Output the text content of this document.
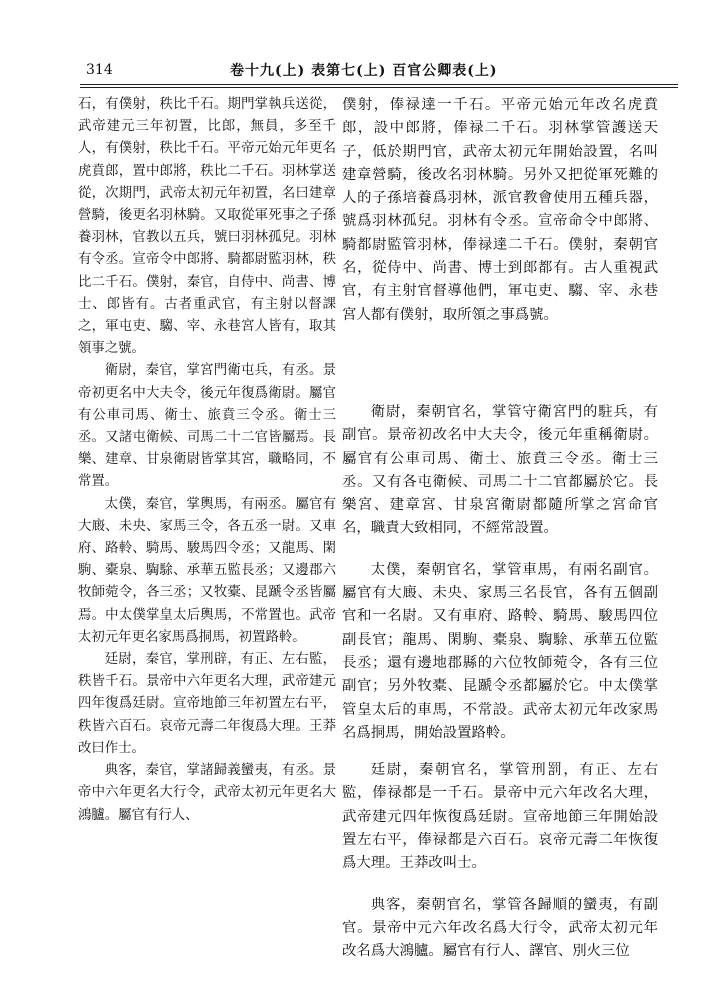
314	卷十九(上) 表第七(上) 百官公卿表(上)

石，有僕射，秩比千石。期門掌執兵送從，武帝建元三年初置，比郎，無員，多至千人，有僕射，秩比千石。平帝元始元年更名虎賁郎，置中郎將，秩比二千石。羽林掌送從，次期門，武帝太初元年初置，名曰建章營騎，後更名羽林騎。又取從軍死事之子孫養羽林，官教以五兵，號曰羽林孤兒。羽林有令丞。宣帝令中郎將、騎都尉監羽林，秩比二千石。僕射，秦官，自侍中、尚書、博士、郎皆有。古者重武官，有主射以督課之，軍屯吏、騶、宰、永巷宮人皆有，取其領事之號。

衛尉，秦官，掌宮門衛屯兵，有丞。景帝初更名中大夫令，後元年復爲衛尉。屬官有公車司馬、衛士、旅賁三令丞。衛士三丞。又諸屯衛候、司馬二十二官皆屬焉。長樂、建章、甘泉衛尉皆掌其宮，職略同，不常置。

太僕，秦官，掌輿馬，有兩丞。屬官有大廄、未央、家馬三令，各五丞一尉。又車府、路軨、騎馬、駿馬四令丞；又龍馬、閑駒、橐泉、騊駼、承華五監長丞；又邊郡六牧師菀令，各三丞；又牧橐、昆蹏令丞皆屬焉。中太僕掌皇太后輿馬，不常置也。武帝太初元年更名家馬爲挏馬，初置路軨。

廷尉，秦官，掌刑辟，有正、左右監，秩皆千石。景帝中六年更名大理，武帝建元四年復爲廷尉。宣帝地節三年初置左右平，秩皆六百石。哀帝元壽二年復爲大理。王莽改曰作士。

典客，秦官，掌諸歸義蠻夷，有丞。景帝中六年更名大行令，武帝太初元年更名大鴻臚。屬官有行人、

僕射，俸禄達一千石。平帝元始元年改名虎賁郎，設中郎將，俸禄二千石。羽林掌管護送天子，低於期門官，武帝太初元年開始設置，名叫建章營騎，後改名羽林騎。另外又把從軍死難的人的子孫培養爲羽林，派官教會使用五種兵器，號爲羽林孤兒。羽林有令丞。宣帝命令中郎將、騎都尉監管羽林，俸禄達二千石。僕射，秦朝官名，從侍中、尚書、博士到郎都有。古人重視武官，有主射官督導他們，軍屯吏、騶、宰、永巷宮人都有僕射，取所領之事爲號。

衛尉，秦朝官名，掌管守衛宮門的駐兵，有副官。景帝初改名中大夫令，後元年重稱衛尉。屬官有公車司馬、衛士、旅賁三令丞。衛士三丞。又有各屯衛候、司馬二十二官都屬於它。長樂宮、建章宮、甘泉宮衛尉都隨所掌之宮命官名，職責大致相同，不經常設置。

太僕，秦朝官名，掌管車馬，有兩名副官。屬官有大廄、未央、家馬三名長官，各有五個副官和一名尉。又有車府、路軨、騎馬、駿馬四位副長官；龍馬、閑駒、橐泉、騊駼、承華五位監長丞；還有邊地郡縣的六位牧師菀令，各有三位副官；另外牧橐、昆蹏令丞都屬於它。中太僕掌管皇太后的車馬，不常設。武帝太初元年改家馬名爲挏馬，開始設置路軨。

廷尉，秦朝官名，掌管刑罰，有正、左右監，俸禄都是一千石。景帝中元六年改名大理，武帝建元四年恢復爲廷尉。宣帝地節三年開始設置左右平，俸禄都是六百石。哀帝元壽二年恢復爲大理。王莽改叫士。

典客，秦朝官名，掌管各歸順的蠻夷，有副官。景帝中元六年改名爲大行令，武帝太初元年改名爲大鴻臚。屬官有行人、譯官、別火三位
